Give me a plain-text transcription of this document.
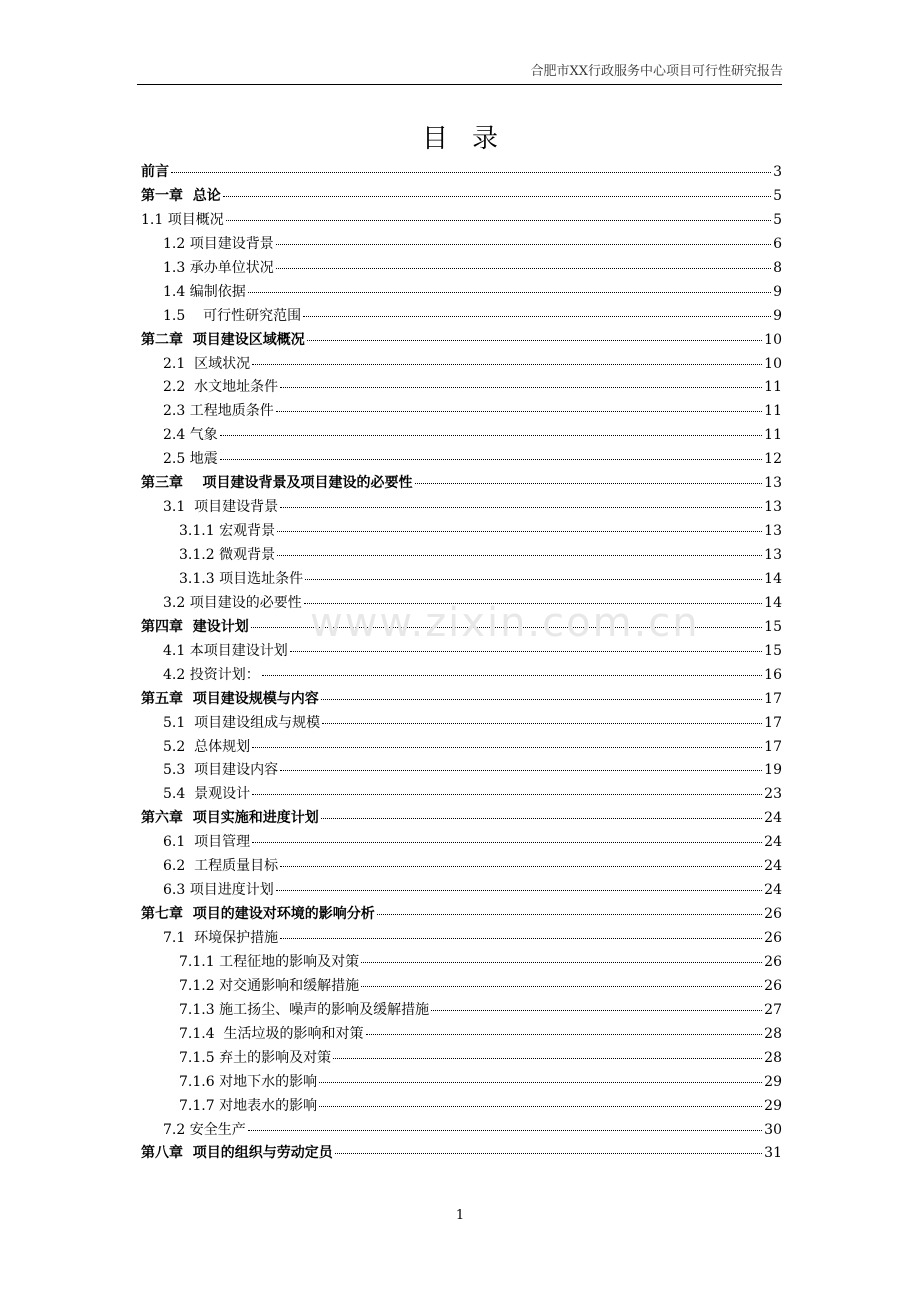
合肥市XX行政服务中心项目可行性研究报告
目录
前言	3
第一章  总论	5
1.1 项目概况	5
1.2 项目建设背景	6
1.3 承办单位状况	8
1.4 编制依据	9
1.5    可行性研究范围	9
第二章  项目建设区域概况	10
2.1  区域状况	10
2.2  水文地址条件	11
2.3 工程地质条件	11
2.4 气象	11
2.5 地震	12
第三章    项目建设背景及项目建设的必要性	13
3.1  项目建设背景	13
3.1.1 宏观背景	13
3.1.2 微观背景	13
3.1.3 项目选址条件	14
3.2 项目建设的必要性	14
第四章  建设计划	15
4.1 本项目建设计划	15
4.2 投资计划：	16
第五章  项目建设规模与内容	17
5.1  项目建设组成与规模	17
5.2  总体规划	17
5.3  项目建设内容	19
5.4  景观设计	23
第六章  项目实施和进度计划	24
6.1  项目管理	24
6.2  工程质量目标	24
6.3 项目进度计划	24
第七章  项目的建设对环境的影响分析	26
7.1  环境保护措施	26
7.1.1 工程征地的影响及对策	26
7.1.2 对交通影响和缓解措施	26
7.1.3 施工扬尘、噪声的影响及缓解措施	27
7.1.4  生活垃圾的影响和对策	28
7.1.5 弃土的影响及对策	28
7.1.6 对地下水的影响	29
7.1.7 对地表水的影响	29
7.2 安全生产	30
第八章  项目的组织与劳动定员	31
www.zixin.com.cn
1
